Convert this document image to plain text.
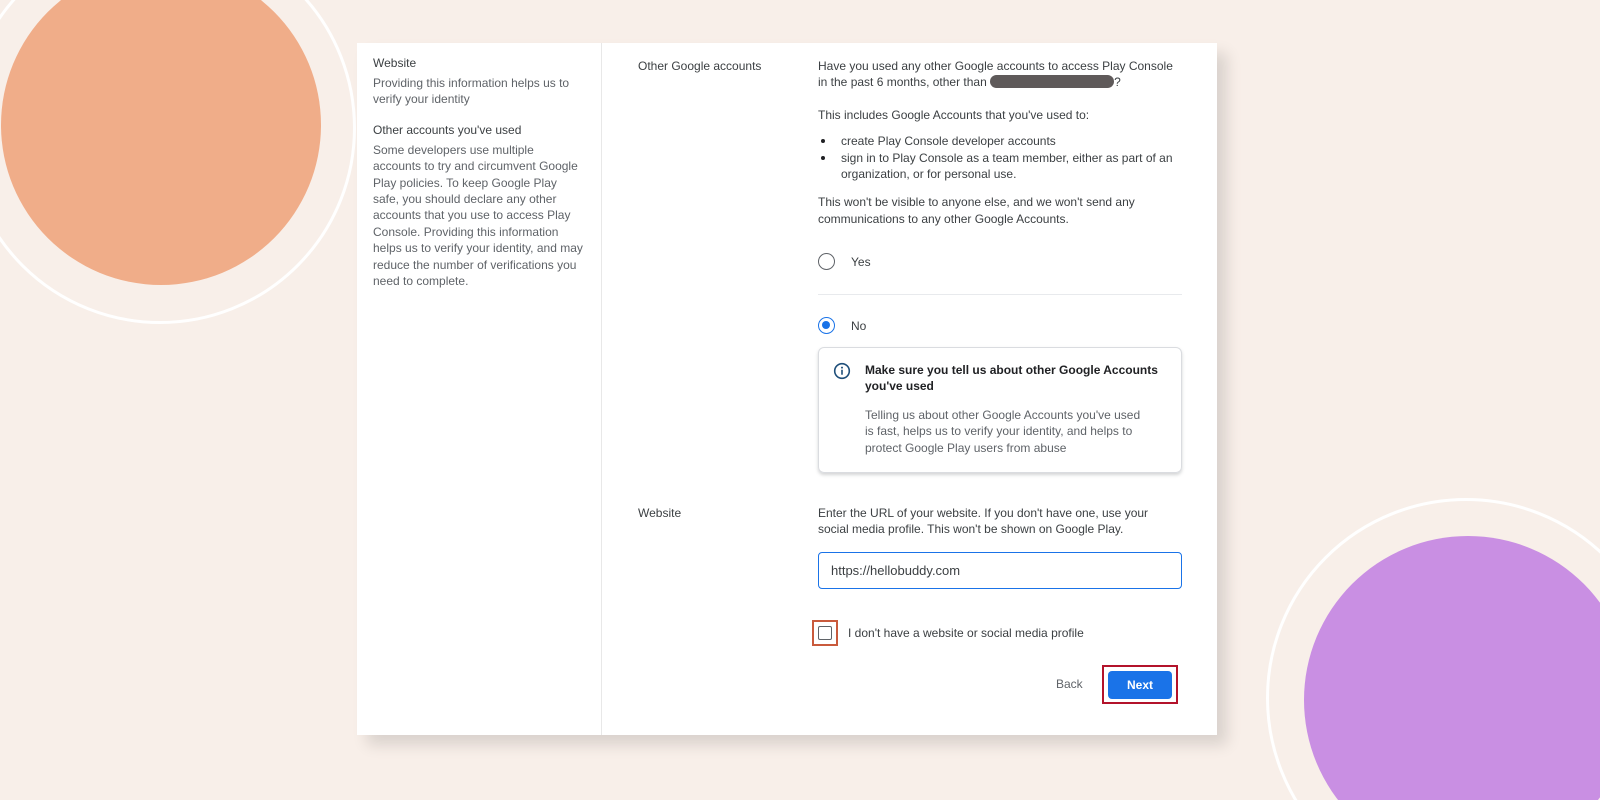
Website
Providing this information helps us to verify your identity
Other accounts you've used
Some developers use multiple accounts to try and circumvent Google Play policies. To keep Google Play safe, you should declare any other accounts that you use to access Play Console. Providing this information helps us to verify your identity, and may reduce the number of verifications you need to complete.
Other Google accounts	Have you used any other Google accounts to access Play Console in the past 6 months, other than	?

This includes Google Accounts that you've used to:

create Play Console developer accounts
sign in to Play Console as a team member, either as part of an organization, or for personal use.

This won't be visible to anyone else, and we won't send any communications to any other Google Accounts.

Yes
No
Make sure you tell us about other Google Accounts you've used
Telling us about other Google Accounts you've used is fast, helps us to verify your identity, and helps to protect Google Play users from abuse
Website	Enter the URL of your website. If you don't have one, use your social media profile. This won't be shown on Google Play.
https://hellobuddy.com
I don't have a website or social media profile
Back	Next
